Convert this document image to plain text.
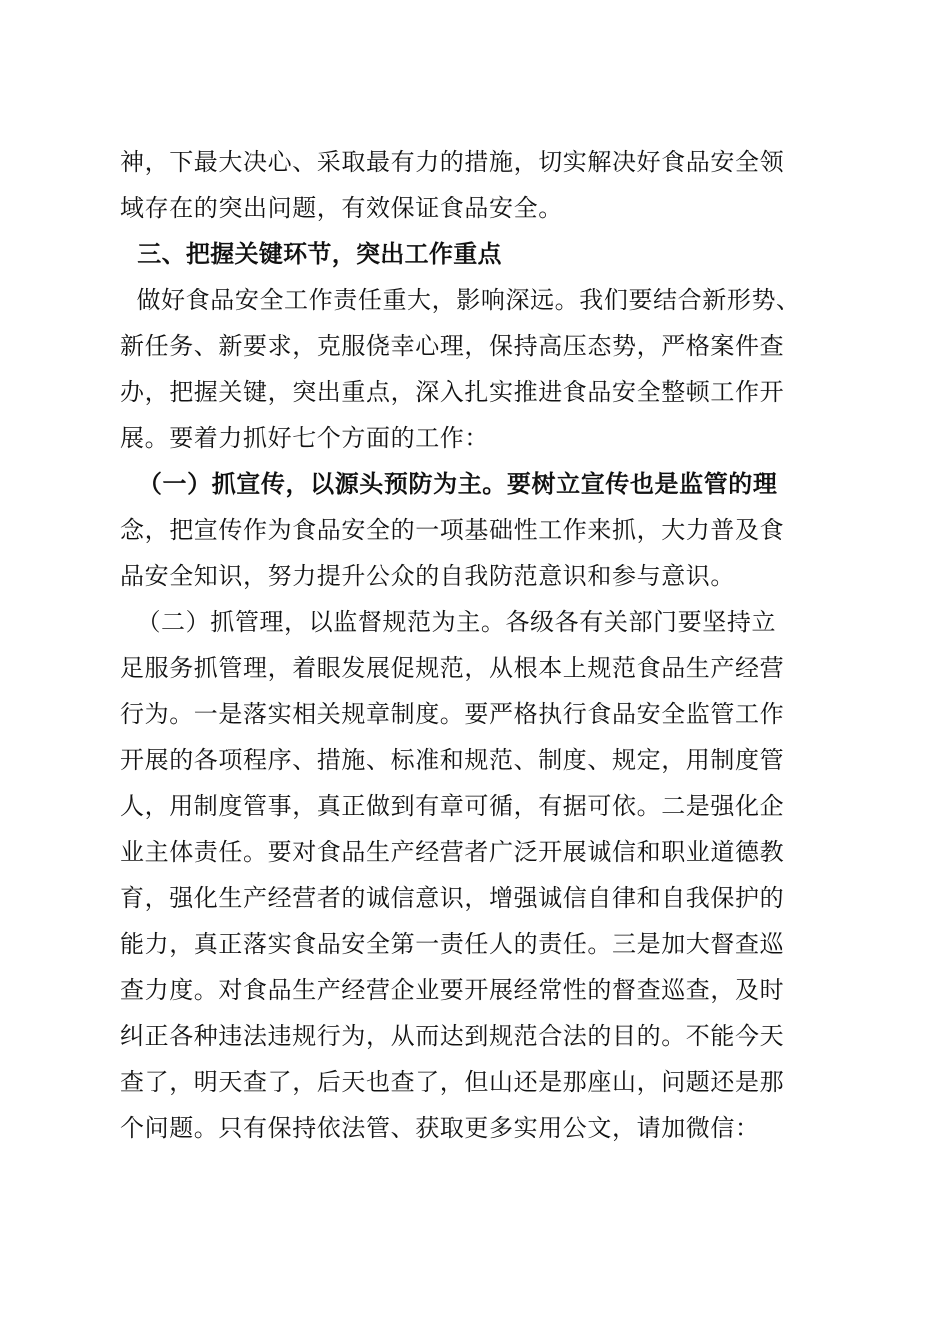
神，下最大决心、采取最有力的措施，切实解决好食品安全领
域存在的突出问题，有效保证食品安全。
三、把握关键环节，突出工作重点
做好食品安全工作责任重大，影响深远。我们要结合新形势、
新任务、新要求，克服侥幸心理，保持高压态势，严格案件查
办，把握关键，突出重点，深入扎实推进食品安全整顿工作开
展。要着力抓好七个方面的工作：
（一）抓宣传，以源头预防为主。要树立宣传也是监管的理
念，把宣传作为食品安全的一项基础性工作来抓，大力普及食
品安全知识，努力提升公众的自我防范意识和参与意识。
（二）抓管理，以监督规范为主。各级各有关部门要坚持立
足服务抓管理，着眼发展促规范，从根本上规范食品生产经营
行为。一是落实相关规章制度。要严格执行食品安全监管工作
开展的各项程序、措施、标准和规范、制度、规定，用制度管
人，用制度管事，真正做到有章可循，有据可依。二是强化企
业主体责任。要对食品生产经营者广泛开展诚信和职业道德教
育，强化生产经营者的诚信意识，增强诚信自律和自我保护的
能力，真正落实食品安全第一责任人的责任。三是加大督查巡
查力度。对食品生产经营企业要开展经常性的督查巡查，及时
纠正各种违法违规行为，从而达到规范合法的目的。不能今天
查了，明天查了，后天也查了，但山还是那座山，问题还是那
个问题。只有保持依法管、获取更多实用公文，请加微信：
